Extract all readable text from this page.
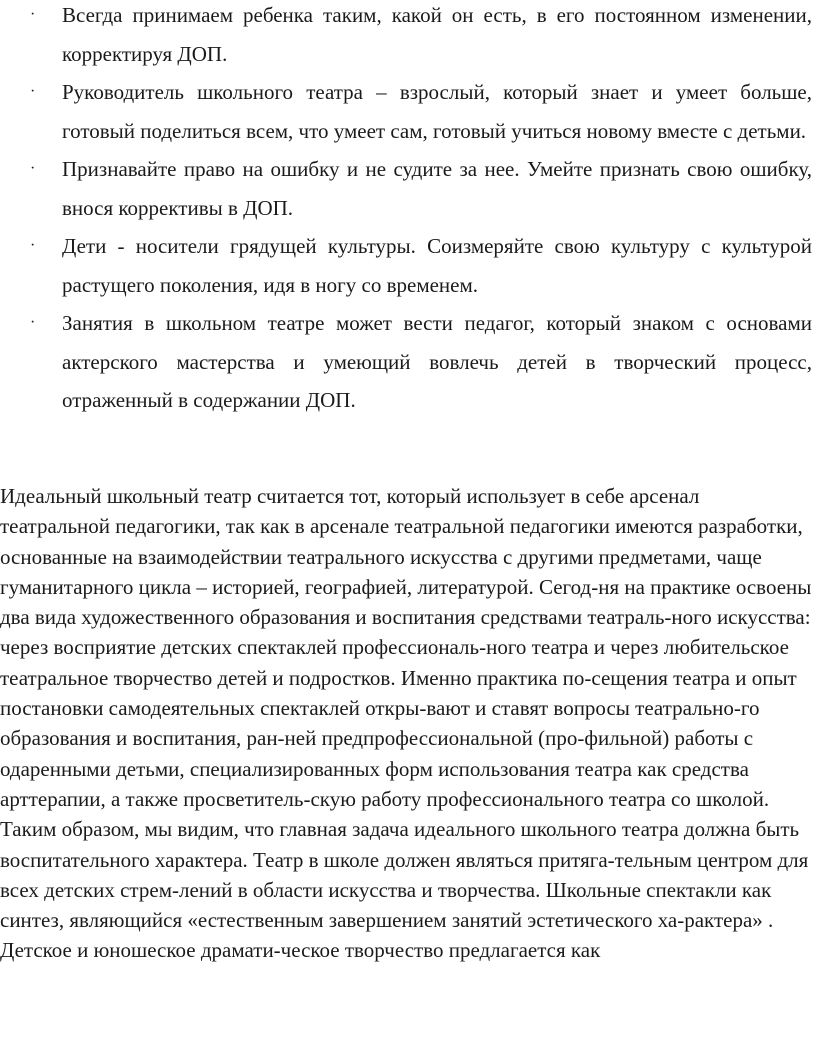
· Всегда принимаем ребенка таким, какой он есть, в его постоянном изменении, корректируя ДОП.
· Руководитель школьного театра – взрослый, который знает и умеет больше, готовый поделиться всем, что умеет сам, готовый учиться новому вместе с детьми.
· Признавайте право на ошибку и не судите за нее. Умейте признать свою ошибку, внося коррективы в ДОП.
· Дети - носители грядущей культуры. Соизмеряйте свою культуру с культурой растущего поколения, идя в ногу со временем.
· Занятия в школьном театре может вести педагог, который знаком с основами актерского мастерства и умеющий вовлечь детей в творческий процесс, отраженный в содержании ДОП.

Идеальный школьный театр считается тот, который использует в себе арсенал театральной педагогики, так как в арсенале театральной педагогики имеются разработки, основанные на взаимодействии театрального искусства с другими предметами, чаще гуманитарного цикла – историей, географией, литературой. Сегод-ня на практике освоены два вида художественного образования и воспитания средствами театраль-ного искусства: через восприятие детских спектаклей профессиональ-ного театра и через любительское театральное творчество детей и подростков. Именно практика по-сещения театра и опыт постановки самодеятельных спектаклей откры-вают и ставят вопросы театрально-го образования и воспитания, ран-ней предпрофессиональной (про-фильной) работы с одаренными детьми, специализированных форм использования театра как средства арттерапии, а также просветитель-скую работу профессионального театра со школой. Таким образом, мы видим, что главная задача идеального школьного театра должна быть воспитательного характера. Театр в школе должен являться притяга-тельным центром для всех детских стрем-лений в области искусства и творчества. Школьные спектакли как синтез, являющийся «естественным завершением занятий эстетического ха-рактера» . Детское и юношеское драмати-ческое творчество предлагается как
